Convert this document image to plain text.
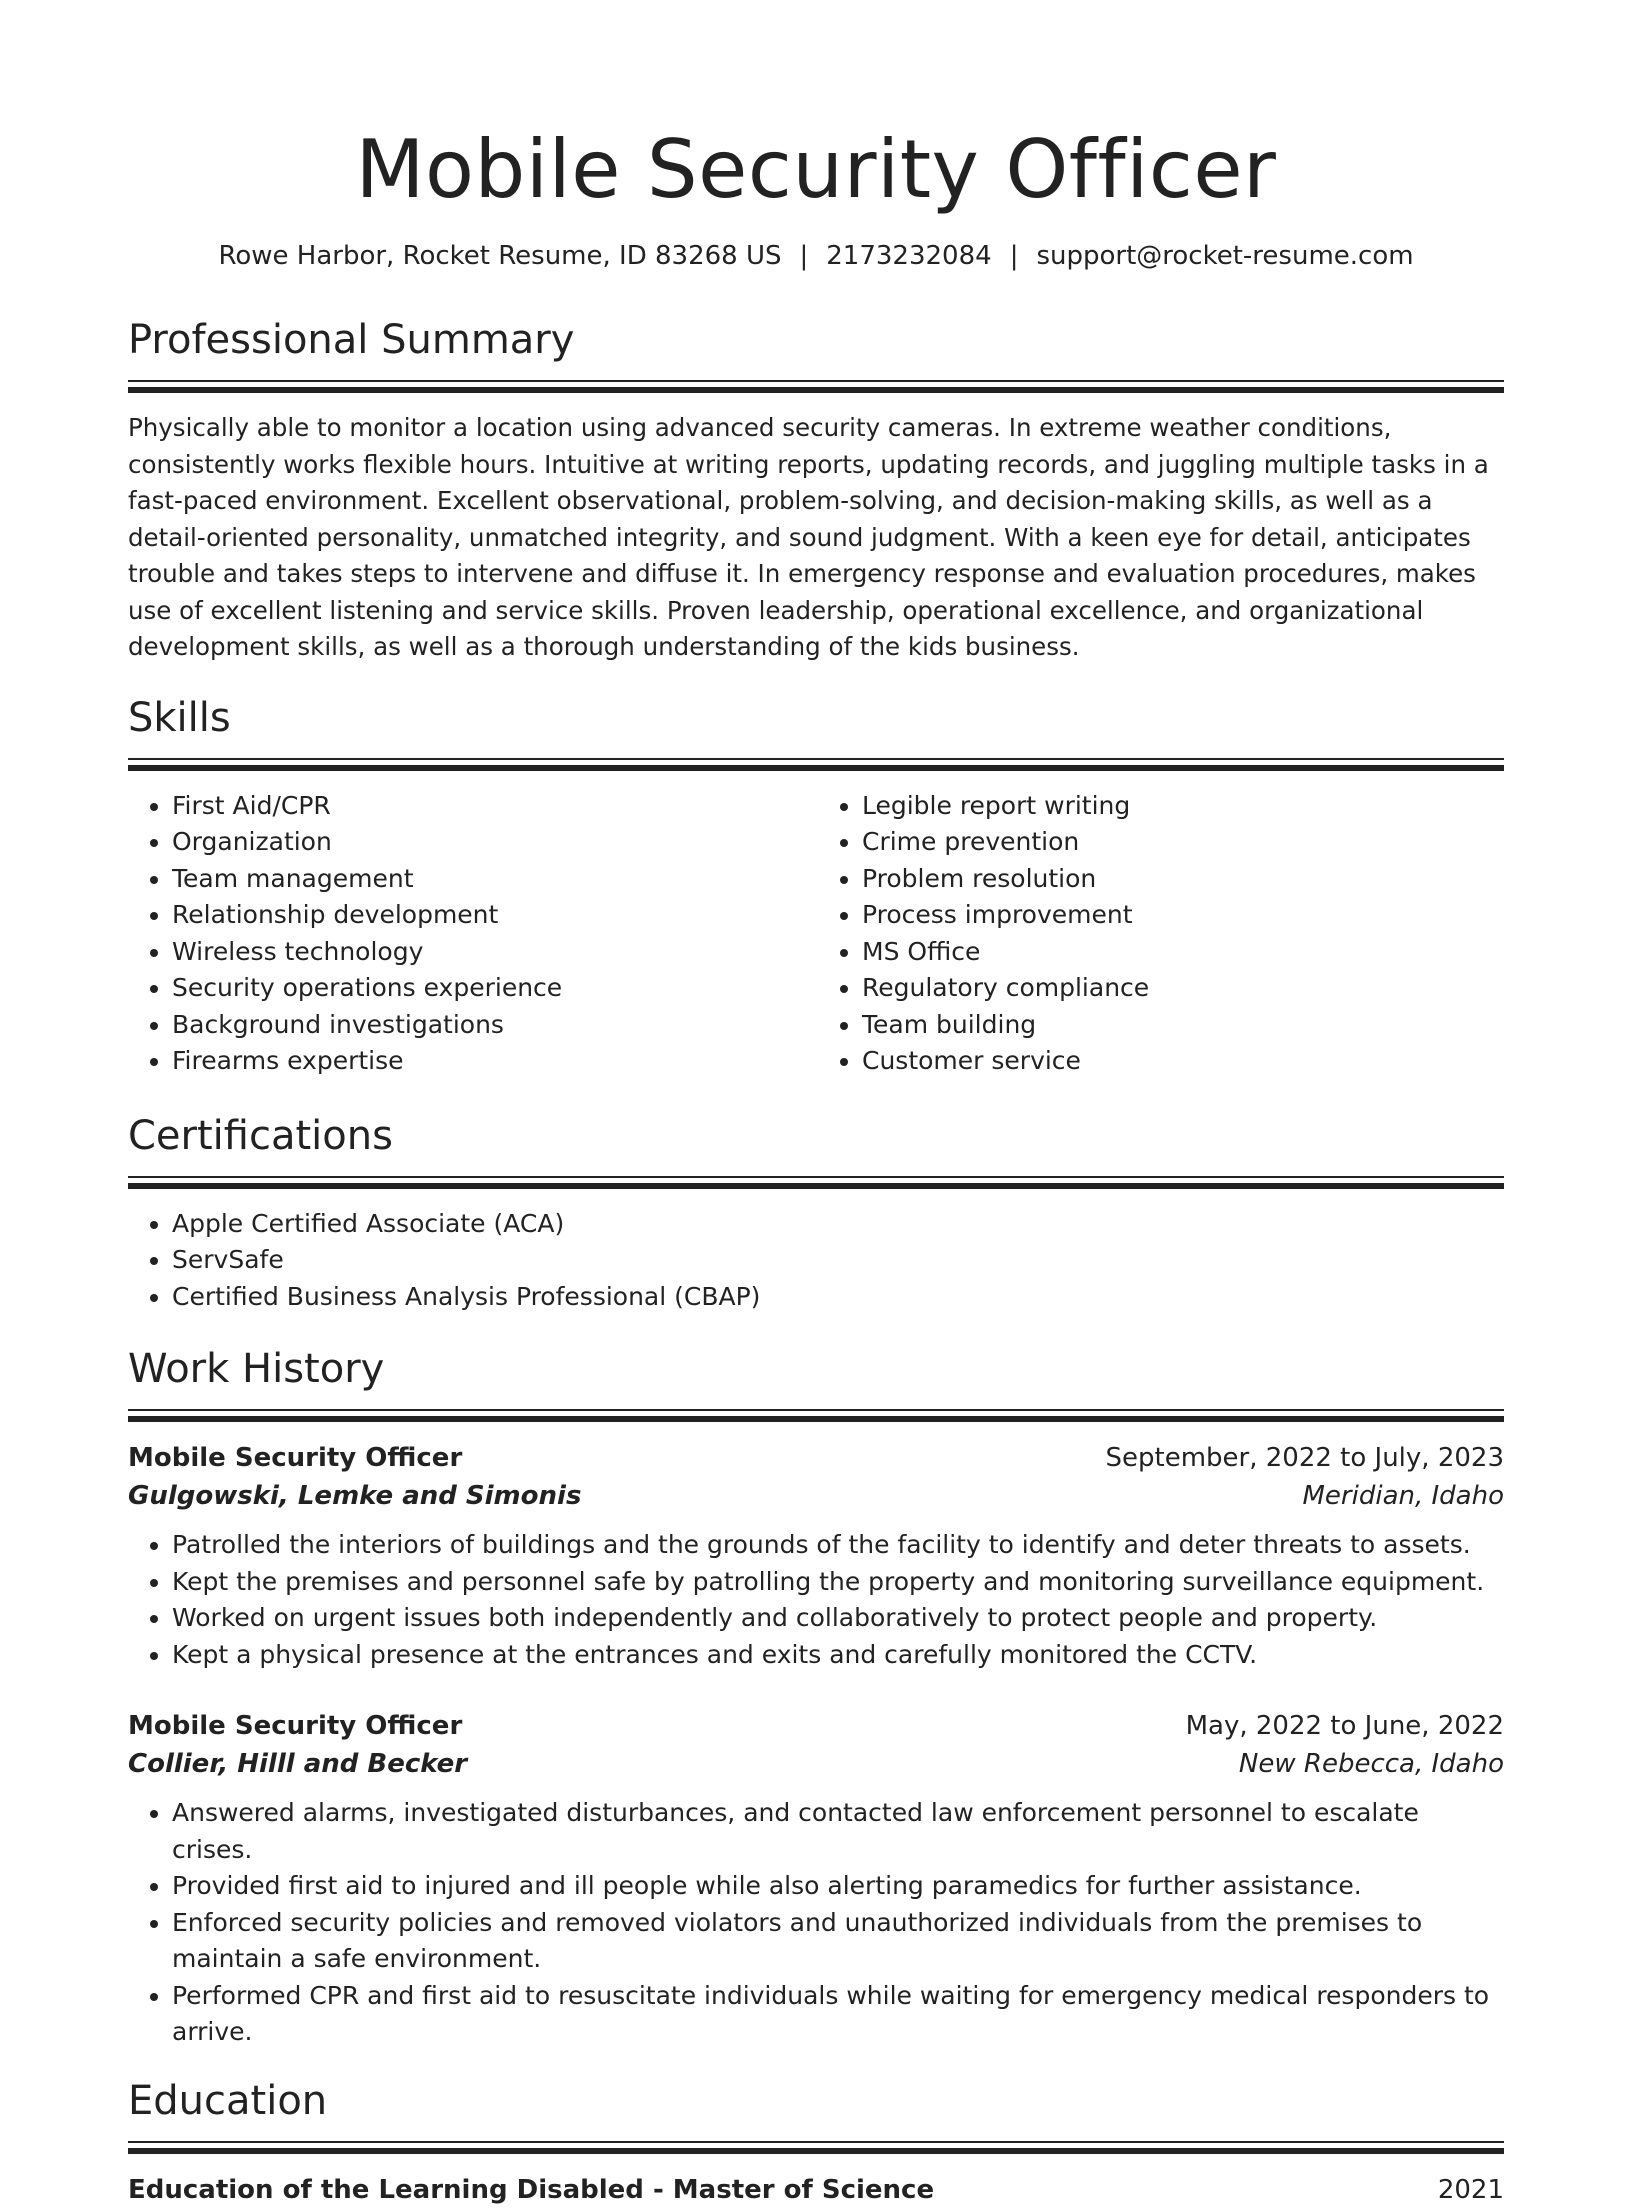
Mobile Security Officer
Rowe Harbor, Rocket Resume, ID 83268 US | 2173232084 | support@rocket-resume.com
Professional Summary

Physically able to monitor a location using advanced security cameras. In extreme weather conditions, consistently works flexible hours. Intuitive at writing reports, updating records, and juggling multiple tasks in a fast-paced environment. Excellent observational, problem-solving, and decision-making skills, as well as a detail-oriented personality, unmatched integrity, and sound judgment. With a keen eye for detail, anticipates trouble and takes steps to intervene and diffuse it. In emergency response and evaluation procedures, makes use of excellent listening and service skills. Proven leadership, operational excellence, and organizational development skills, as well as a thorough understanding of the kids business.

Skills
• First Aid/CPR
• Organization
• Team management
• Relationship development
• Wireless technology
• Security operations experience
• Background investigations
• Firearms expertise
• Legible report writing
• Crime prevention
• Problem resolution
• Process improvement
• MS Office
• Regulatory compliance
• Team building
• Customer service
Certifications
• Apple Certified Associate (ACA)
• ServSafe
• Certified Business Analysis Professional (CBAP)
Work History
Mobile Security Officer	September, 2022 to July, 2023
Gulgowski, Lemke and Simonis	Meridian, Idaho
• Patrolled the interiors of buildings and the grounds of the facility to identify and deter threats to assets.
• Kept the premises and personnel safe by patrolling the property and monitoring surveillance equipment.
• Worked on urgent issues both independently and collaboratively to protect people and property.
• Kept a physical presence at the entrances and exits and carefully monitored the CCTV.
Mobile Security Officer	May, 2022 to June, 2022
Collier, Hilll and Becker	New Rebecca, Idaho
• Answered alarms, investigated disturbances, and contacted law enforcement personnel to escalate crises.
• Provided first aid to injured and ill people while also alerting paramedics for further assistance.
• Enforced security policies and removed violators and unauthorized individuals from the premises to maintain a safe environment.
• Performed CPR and first aid to resuscitate individuals while waiting for emergency medical responders to arrive.
Education
Education of the Learning Disabled - Master of Science	2021
